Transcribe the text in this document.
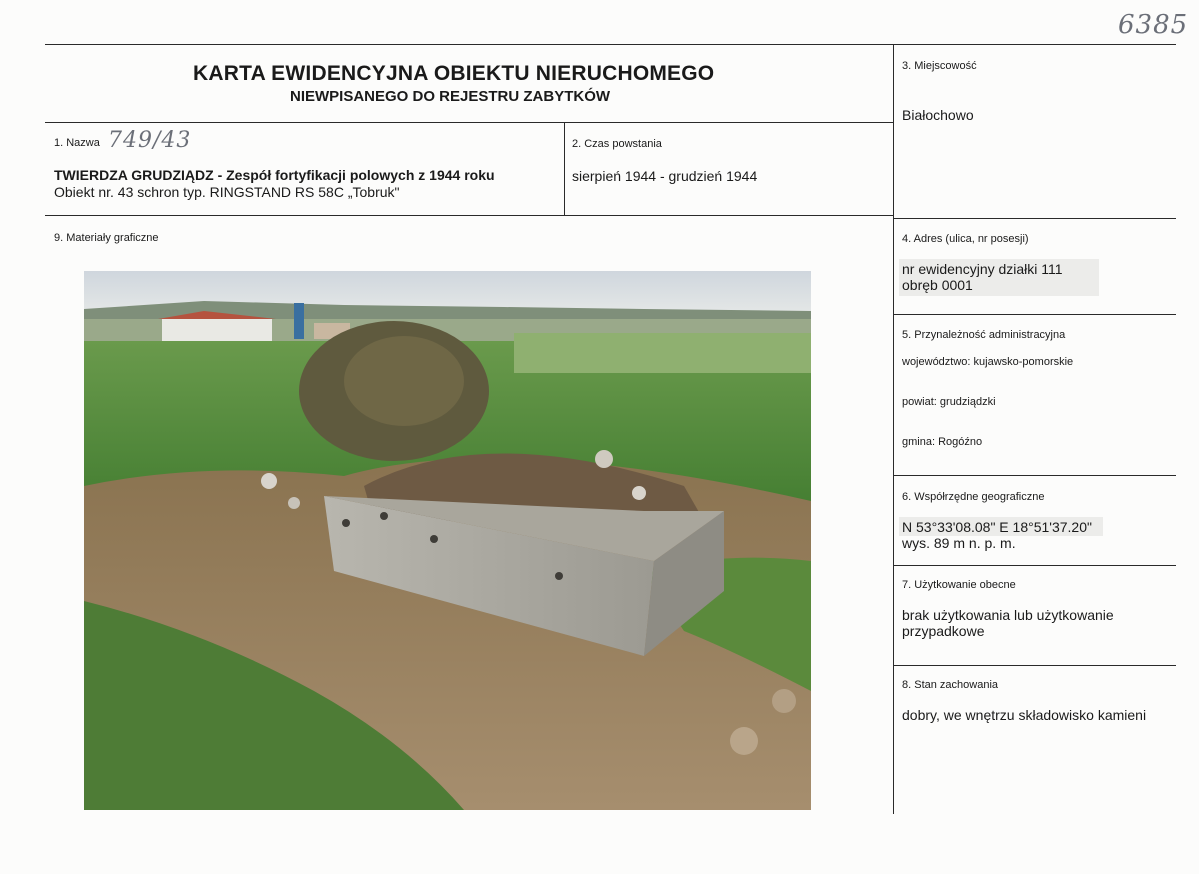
6385
KARTA EWIDENCYJNA OBIEKTU NIERUCHOMEGO
NIEWPISANEGO DO REJESTRU ZABYTKÓW
1. Nazwa 749/43
TWIERDZA GRUDZIĄDZ - Zespół fortyfikacji polowych z 1944 roku
Obiekt nr. 43 schron typ. RINGSTAND RS 58C „Tobruk"
2. Czas powstania
sierpień 1944 - grudzień 1944
3. Miejscowość
Białochowo
9. Materiały graficzne	4. Adres (ulica, nr posesji)
nr ewidencyjny działki 111
obręb 0001
5. Przynależność administracyjna
województwo: kujawsko-pomorskie
powiat: grudziądzki
gmina: Rogóźno
6. Współrzędne geograficzne
N 53°33'08.08" E 18°51'37.20"
wys. 89 m n. p. m.
7. Użytkowanie obecne
brak użytkowania lub użytkowanie
przypadkowe
8. Stan zachowania
dobry, we wnętrzu składowisko kamieni
